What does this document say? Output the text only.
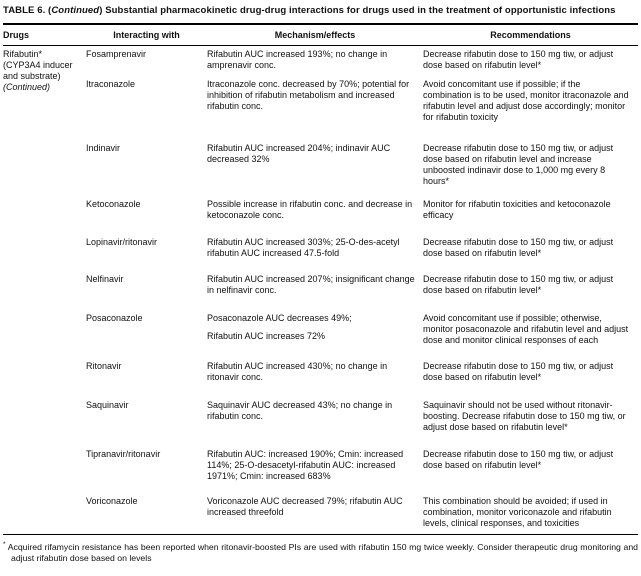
TABLE 6. (Continued) Substantial pharmacokinetic drug-drug interactions for drugs used in the treatment of opportunistic infections
Drugs	Interacting with	Mechanism/effects	Recommendations

Rifabutin*
(CYP3A4 inducer
and substrate)
(Continued)	Fosamprenavir	Rifabutin AUC increased 193%; no change in amprenavir conc.	Decrease rifabutin dose to 150 mg tiw, or adjust dose based on rifabutin level*
	Itraconazole	Itraconazole conc. decreased by 70%; potential for inhibition of rifabutin metabolism and increased rifabutin conc.	Avoid concomitant use if possible; if the combination is to be used, monitor itraconazole and rifabutin level and adjust dose accordingly; monitor for rifabutin toxicity
	Indinavir	Rifabutin AUC increased 204%; indinavir AUC decreased 32%	Decrease rifabutin dose to 150 mg tiw, or adjust dose based on rifabutin level and increase unboosted indinavir dose to 1,000 mg every 8 hours*
	Ketoconazole	Possible increase in rifabutin conc. and decrease in ketoconazole conc.	Monitor for rifabutin toxicities and ketoconazole efficacy
	Lopinavir/ritonavir	Rifabutin AUC increased 303%; 25-O-des-acetyl rifabutin AUC increased 47.5-fold	Decrease rifabutin dose to 150 mg tiw, or adjust dose based on rifabutin level*
	Nelfinavir	Rifabutin AUC increased 207%; insignificant change in nelfinavir conc.	Decrease rifabutin dose to 150 mg tiw, or adjust dose based on rifabutin level*
	Posaconazole	Posaconazole AUC decreases 49%;
Rifabutin AUC increases 72%	Avoid concomitant use if possible; otherwise, monitor posaconazole and rifabutin level and adjust dose and monitor clinical responses of each
	Ritonavir	Rifabutin AUC increased 430%; no change in ritonavir conc.	Decrease rifabutin dose to 150 mg tiw, or adjust dose based on rifabutin level*
	Saquinavir	Saquinavir AUC decreased 43%; no change in rifabutin conc.	Saquinavir should not be used without ritonavir-boosting. Decrease rifabutin dose to 150 mg tiw, or adjust dose based on rifabutin level*
	Tipranavir/ritonavir	Rifabutin AUC: increased 190%; Cmin: increased 114%; 25-O-desacetyl-rifabutin AUC: increased 1971%; Cmin: increased 683%	Decrease rifabutin dose to 150 mg tiw, or adjust dose based on rifabutin level*
	Voriconazole	Voriconazole AUC decreased 79%; rifabutin AUC increased threefold	This combination should be avoided; if used in combination, monitor voriconazole and rifabutin levels, clinical responses, and toxicities
* Acquired rifamycin resistance has been reported when ritonavir-boosted PIs are used with rifabutin 150 mg twice weekly. Consider therapeutic drug monitoring and adjust rifabutin dose based on levels
